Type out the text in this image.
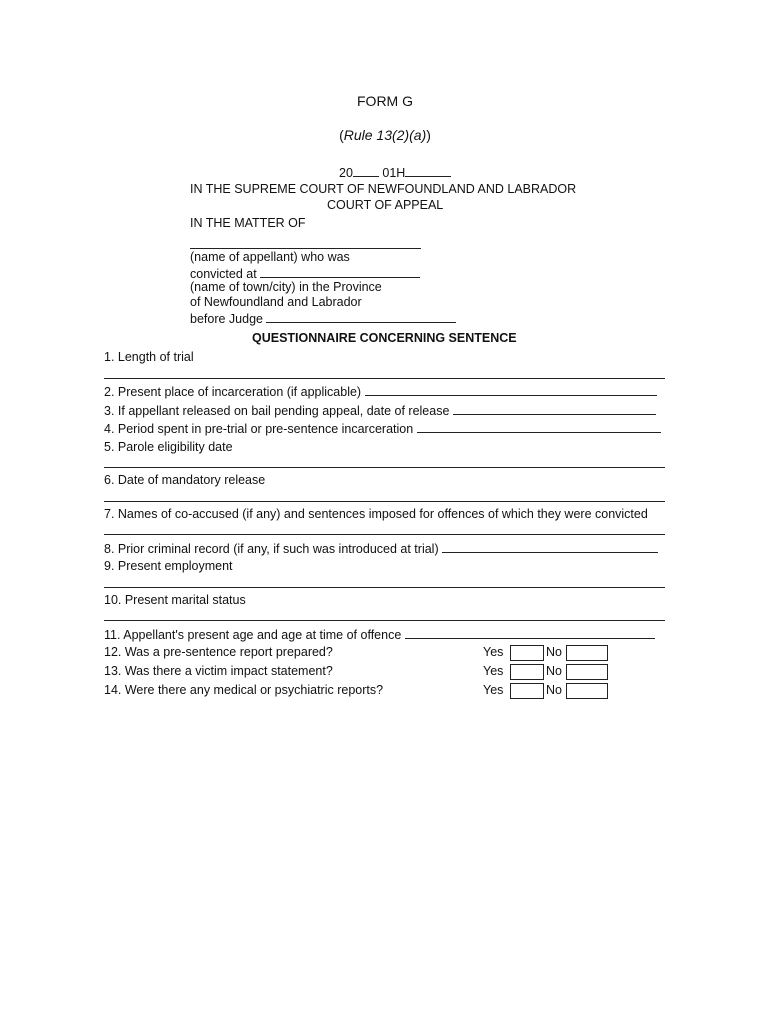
FORM G
(Rule 13(2)(a))
20 01H
IN THE SUPREME COURT OF NEWFOUNDLAND AND LABRADOR
COURT OF APPEAL
IN THE MATTER OF
(name of appellant) who was
convicted at
(name of town/city) in the Province
of Newfoundland and Labrador
before Judge
QUESTIONNAIRE CONCERNING SENTENCE
1. Length of trial
2. Present place of incarceration (if applicable)
3. If appellant released on bail pending appeal, date of release
4. Period spent in pre-trial or pre-sentence incarceration
5. Parole eligibility date
6. Date of mandatory release
7. Names of co-accused (if any) and sentences imposed for offences of which they were convicted
8. Prior criminal record (if any, if such was introduced at trial)
9. Present employment
10. Present marital status
11. Appellant's present age and age at time of offence
12. Was a pre-sentence report prepared?	Yes	No
13. Was there a victim impact statement?	Yes	No
14. Were there any medical or psychiatric reports?	Yes	No
